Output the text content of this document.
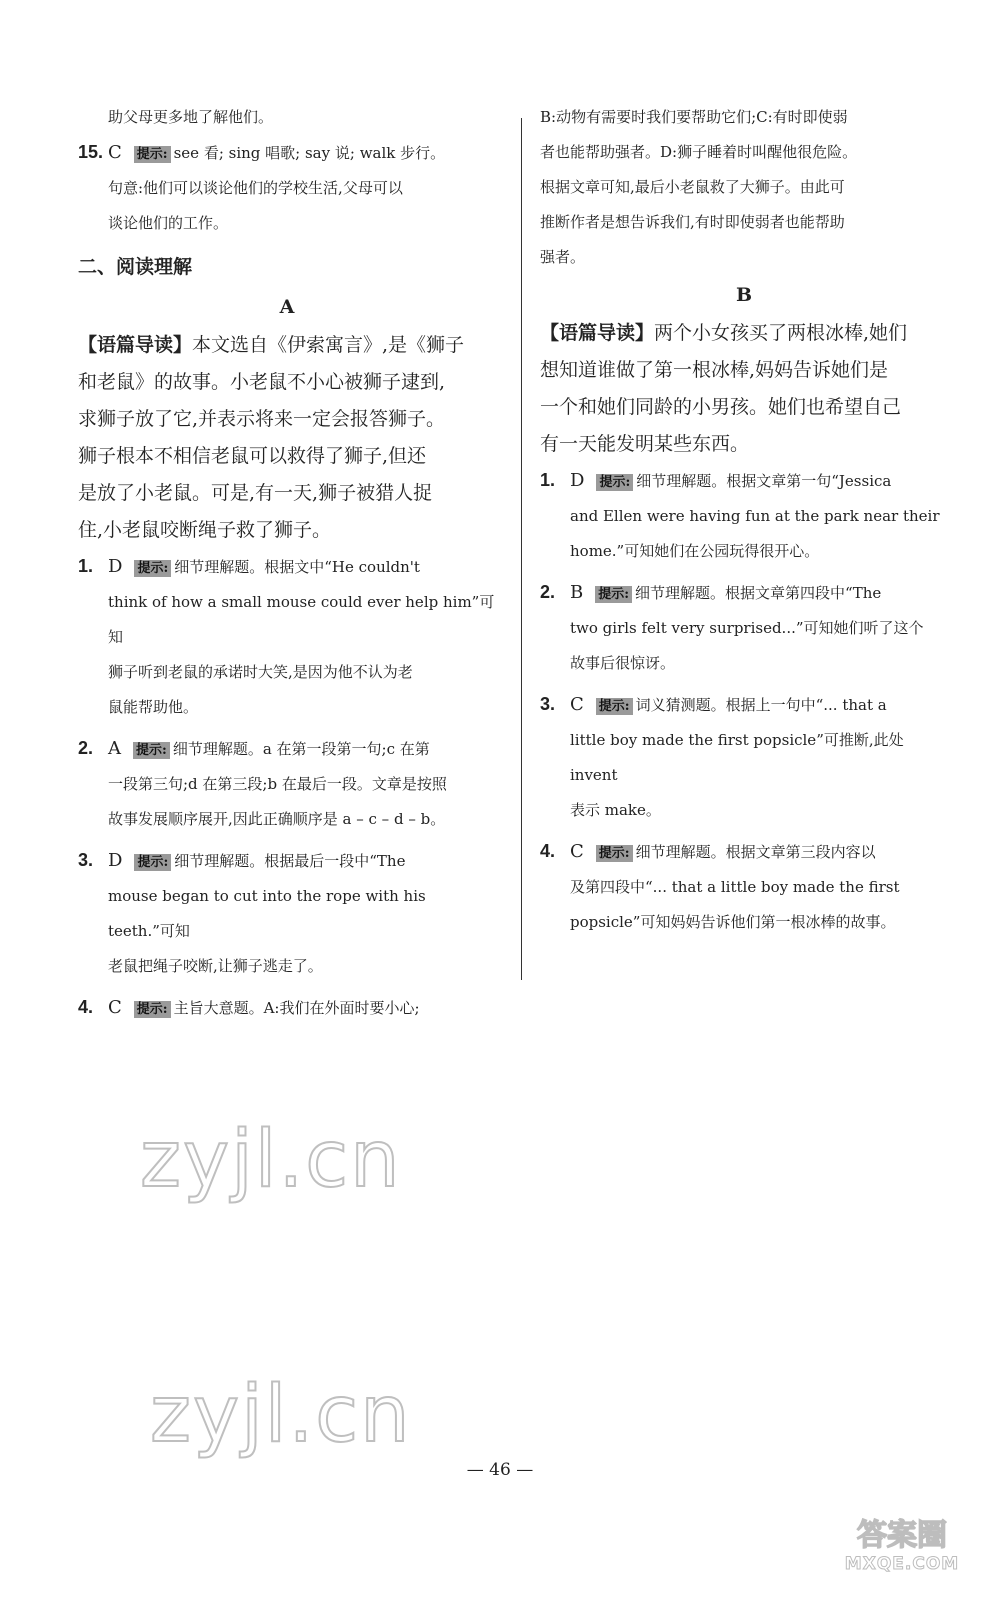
助父母更多地了解他们。

15. C 提示: see 看; sing 唱歌; say 说; walk 步行。

句意:他们可以谈论他们的学校生活,父母可以

谈论他们的工作。

二、阅读理解

A

【语篇导读】本文选自《伊索寓言》,是《狮子

和老鼠》的故事。小老鼠不小心被狮子逮到,

求狮子放了它,并表示将来一定会报答狮子。

狮子根本不相信老鼠可以救得了狮子,但还

是放了小老鼠。可是,有一天,狮子被猎人捉

住,小老鼠咬断绳子救了狮子。

1. D 提示: 细节理解题。根据文中“He couldn't

think of how a small mouse could ever help him”可知

狮子听到老鼠的承诺时大笑,是因为他不认为老

鼠能帮助他。

2. A 提示: 细节理解题。a 在第一段第一句;c 在第

一段第三句;d 在第三段;b 在最后一段。文章是按照

故事发展顺序展开,因此正确顺序是 a – c – d – b。

3. D 提示: 细节理解题。根据最后一段中“The

mouse began to cut into the rope with his teeth.”可知

老鼠把绳子咬断,让狮子逃走了。

4. C 提示: 主旨大意题。A:我们在外面时要小心;

B:动物有需要时我们要帮助它们;C:有时即使弱

者也能帮助强者。D:狮子睡着时叫醒他很危险。

根据文章可知,最后小老鼠救了大狮子。由此可

推断作者是想告诉我们,有时即使弱者也能帮助

强者。

B

【语篇导读】两个小女孩买了两根冰棒,她们

想知道谁做了第一根冰棒,妈妈告诉她们是

一个和她们同龄的小男孩。她们也希望自己

有一天能发明某些东西。

1. D 提示: 细节理解题。根据文章第一句“Jessica

and Ellen were having fun at the park near their

home.”可知她们在公园玩得很开心。

2. B 提示: 细节理解题。根据文章第四段中“The

two girls felt very surprised...”可知她们听了这个

故事后很惊讶。

3. C 提示: 词义猜测题。根据上一句中“... that a

little boy made the first popsicle”可推断,此处 invent

表示 make。

4. C 提示: 细节理解题。根据文章第三段内容以

及第四段中“... that a little boy made the first

popsicle”可知妈妈告诉他们第一根冰棒的故事。

zyjl.cn
zyjl.cn
— 46 —
答案圈
MXQE.COM
